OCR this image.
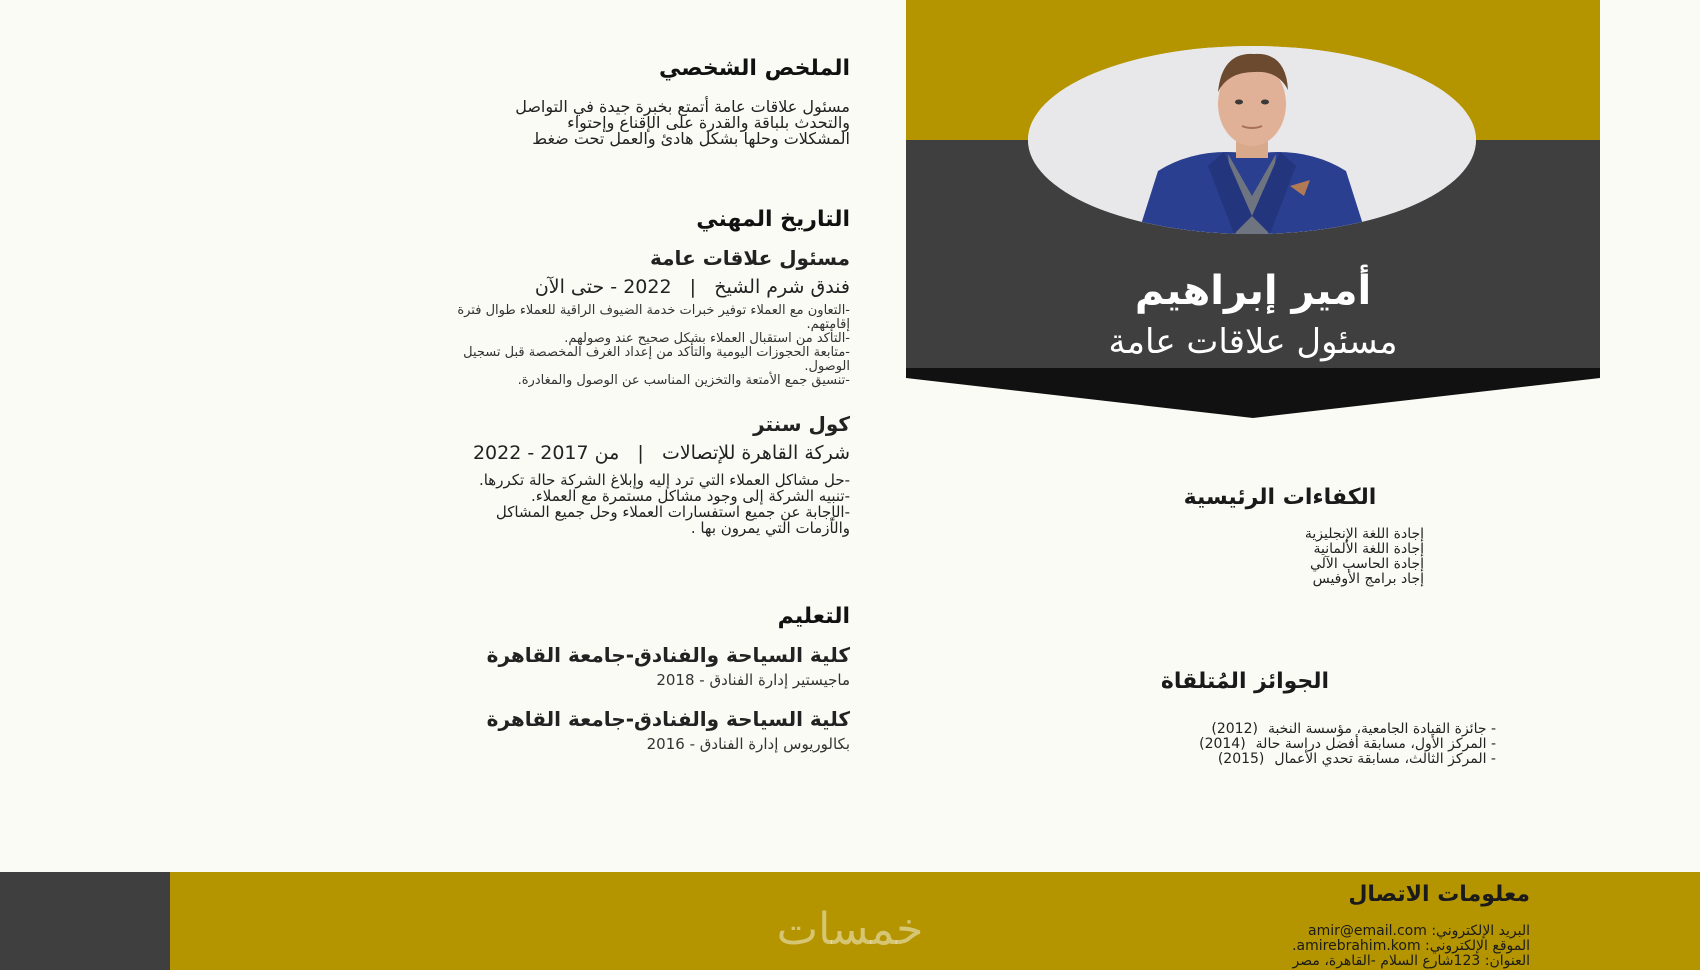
أمير إبراهيم
مسئول علاقات عامة
الكفاءات الرئيسية
إجادة اللغة الإنجليزية
إجادة اللغة الألمانية
إجادة الحاسب الآلي
إجاد برامج الأوفيس
الجوائز المُتلقاة
- جائزة القيادة الجامعية، مؤسسة النخبة
(2012)
- المركز الأول، مسابقة أفضل دراسة حالة
(2014)
- المركز الثالث، مسابقة تحدي الأعمال
(2015)
الملخص الشخصي
مسئول علاقات عامة أتمتع بخبرة جيدة في التواصل
والتحدث بلباقة والقدرة على الإقناع وإحتواء
المشكلات وحلها بشكل هادئ والعمل تحت ضغط
التاريخ المهني
مسئول علاقات عامة
فندق شرم الشيخ   |   2022 - حتى الآن
-التعاون مع العملاء توفير خبرات خدمة الضيوف الراقية للعملاء طوال فترة
إقامتهم.
-التأكد من استقبال العملاء بشكل صحيح عند وصولهم.
-متابعة الحجوزات اليومية والتأكد من إعداد الغرف المخصصة قبل تسجيل
الوصول.
-تنسيق جمع الأمتعة والتخزين المناسب عن الوصول والمغادرة.
كول سنتر
شركة القاهرة للإتصالات   |   من 2017 - 2022
-حل مشاكل العملاء التي ترد إليه وإبلاغ الشركة حالة تكررها.
-تنبيه الشركة إلى وجود مشاكل مستمرة مع العملاء.
-الإجابة عن جميع استفسارات العملاء وحل جميع المشاكل
والأزمات التي يمرون بها .
التعليم
كلية السياحة والفنادق-جامعة القاهرة
ماجيستير إدارة الفنادق - 2018
كلية السياحة والفنادق-جامعة القاهرة
بكالوريوس إدارة الفنادق - 2016
خمسات
معلومات الاتصال
البريد الإلكتروني: amir@email.com
الموقع الإلكتروني: amirebrahim.kom.
العنوان: 123شارع السلام -القاهرة، مصر
